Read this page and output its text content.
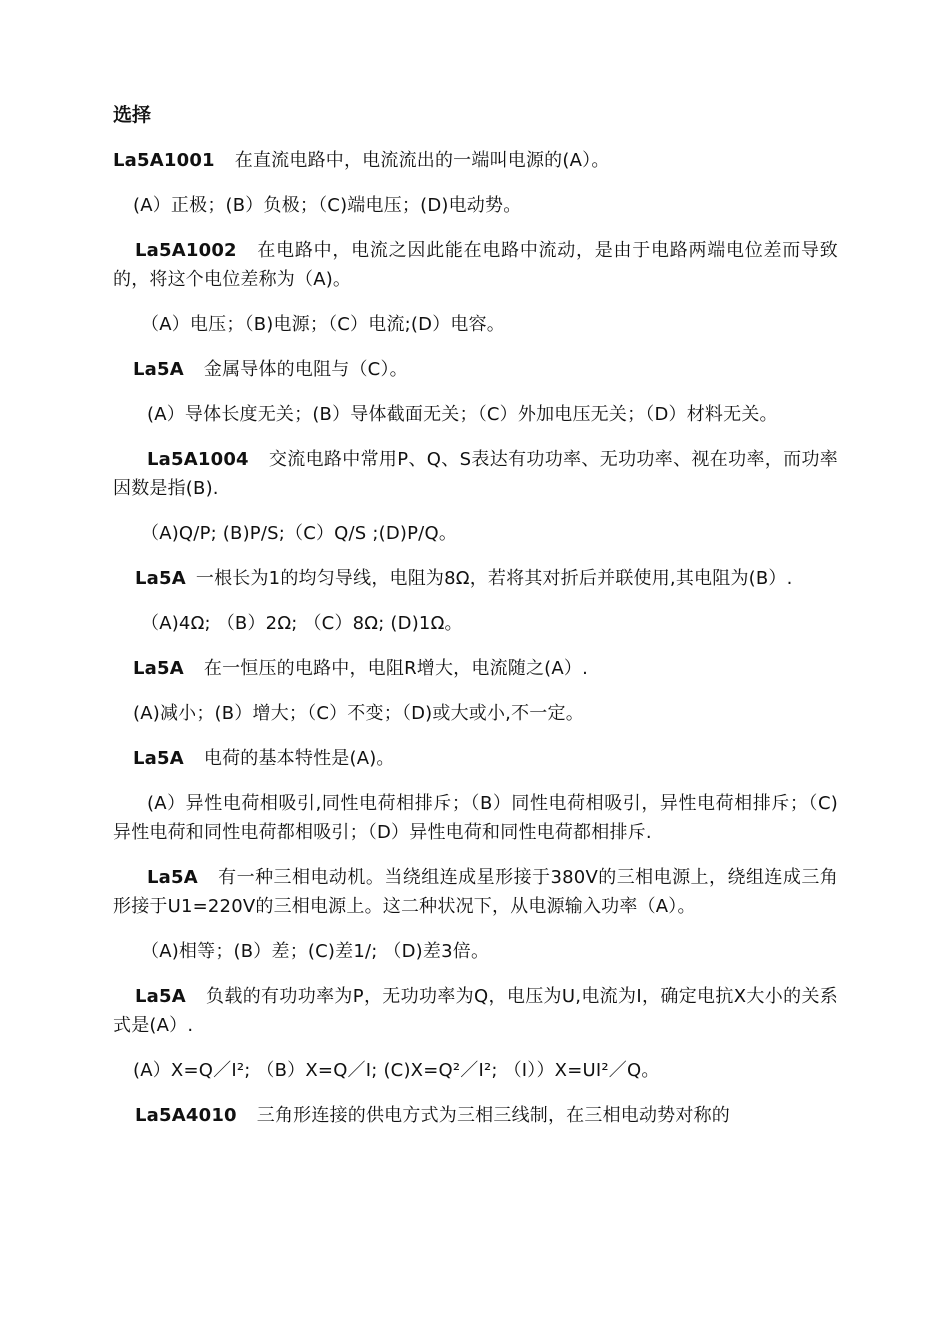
选择

La5A1001 在直流电路中，电流流出的一端叫电源的(A）。

(A）正极；(B）负极；（C)端电压；(D)电动势。

La5A1002 在电路中，电流之因此能在电路中流动，是由于电路两端电位差而导致的，将这个电位差称为（A)。

（A）电压；（B)电源；（C）电流;(D）电容。

La5A 金属导体的电阻与（C）。

(A）导体长度无关；(B）导体截面无关；（C）外加电压无关；（D）材料无关。

La5A1004 交流电路中常用P、Q、S表达有功功率、无功功率、视在功率，而功率因数是指(B).

（A)Q/P; (B)P/S;（C）Q/S ;(D)P/Q。

La5A 一根长为1的均匀导线，电阻为8Ω，若将其对折后并联使用,其电阻为(B）.

（A)4Ω; （B）2Ω; （C）8Ω; (D)1Ω。

La5A 在一恒压的电路中，电阻R增大，电流随之(A）.

(A)减小；(B）增大；（C）不变；（D)或大或小,不一定。

La5A 电荷的基本特性是(A)。

(A）异性电荷相吸引,同性电荷相排斥；（B）同性电荷相吸引，异性电荷相排斥；（C)异性电荷和同性电荷都相吸引；（D）异性电荷和同性电荷都相排斥.

La5A 有一种三相电动机。当绕组连成星形接于380V的三相电源上，绕组连成三角形接于U1=220V的三相电源上。这二种状况下，从电源输入功率（A）。

（A)相等；(B）差；(C)差1/; （D)差3倍。

La5A 负载的有功功率为P，无功功率为Q，电压为U,电流为I，确定电抗X大小的关系式是(A）.

(A）X=Q／I²; （B）X=Q／I; (C)X=Q²／I²; （I））X=UI²／Q。

La5A4010 三角形连接的供电方式为三相三线制，在三相电动势对称的
